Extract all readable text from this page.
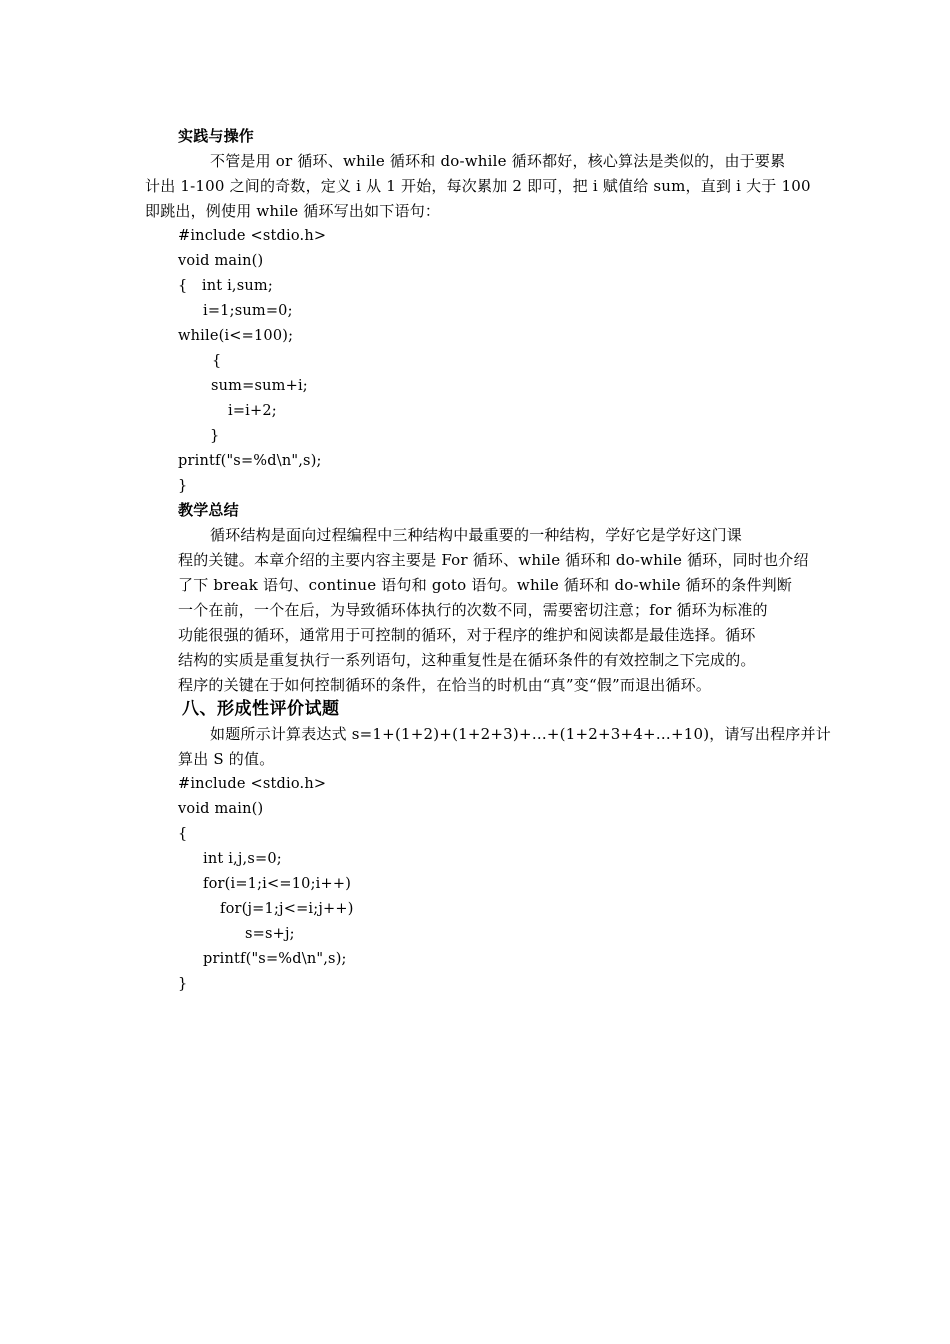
实践与操作
不管是用 or 循环、while 循环和 do-while 循环都好，核心算法是类似的，由于要累
计出 1-100 之间的奇数，定义 i 从 1 开始，每次累加 2 即可，把 i 赋值给 sum，直到 i 大于 100
即跳出，例使用 while 循环写出如下语句：
#include <stdio.h>
void main()
{   int i,sum;
i=1;sum=0;
while(i<=100);
{
sum=sum+i;
i=i+2;
}
printf("s=%d\n",s);
}
教学总结
循环结构是面向过程编程中三种结构中最重要的一种结构，学好它是学好这门课
程的关键。本章介绍的主要内容主要是 For 循环、while 循环和 do-while 循环，同时也介绍
了下 break 语句、continue 语句和 goto 语句。while 循环和 do-while 循环的条件判断
一个在前，一个在后，为导致循环体执行的次数不同，需要密切注意；for 循环为标准的
功能很强的循环，通常用于可控制的循环，对于程序的维护和阅读都是最佳选择。循环
结构的实质是重复执行一系列语句，这种重复性是在循环条件的有效控制之下完成的。
程序的关键在于如何控制循环的条件，在恰当的时机由“真”变“假”而退出循环。
八、形成性评价试题
如题所示计算表达式 s=1+(1+2)+(1+2+3)+…+(1+2+3+4+…+10)，请写出程序并计
算出 S 的值。
#include <stdio.h>
void main()
{
int i,j,s=0;
for(i=1;i<=10;i++)
for(j=1;j<=i;j++)
s=s+j;
printf("s=%d\n",s);
}
